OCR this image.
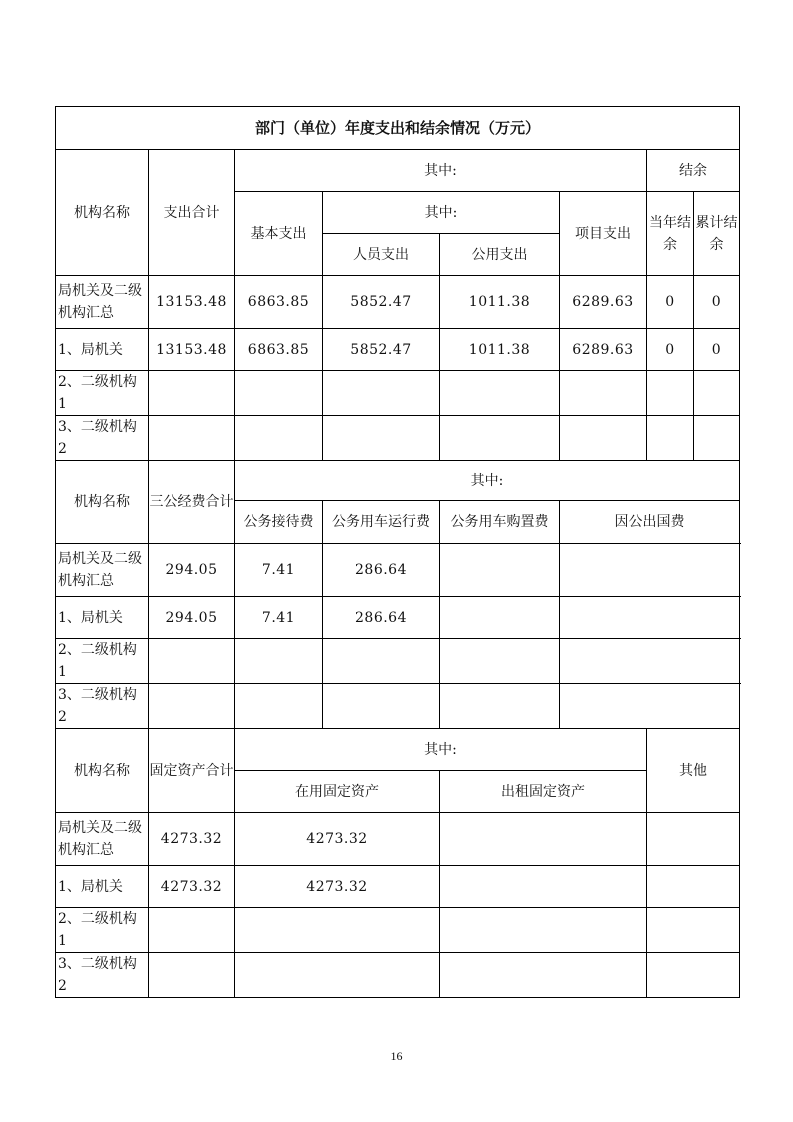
部门（单位）年度支出和结余情况（万元）							
机构名称	支出合计	其中:				结余	
		基本支出	其中:		项目支出	当年结余	累计结余
			人员支出	公用支出			
局机关及二级机构汇总	13153.48	6863.85	5852.47	1011.38	6289.63	0	0
1、局机关	13153.48	6863.85	5852.47	1011.38	6289.63	0	0
2、二级机构 1							
3、二级机构 2							
机构名称	三公经费合计	其中:					
		公务接待费	公务用车运行费	公务用车购置费	因公出国费		
局机关及二级机构汇总	294.05	7.41	286.64				
1、局机关	294.05	7.41	286.64				
2、二级机构 1							
3、二级机构 2							
机构名称	固定资产合计	其中:				其他	
		在用固定资产		出租固定资产			
局机关及二级机构汇总	4273.32	4273.32					
1、局机关	4273.32	4273.32					
2、二级机构 1							
3、二级机构 2							
16
